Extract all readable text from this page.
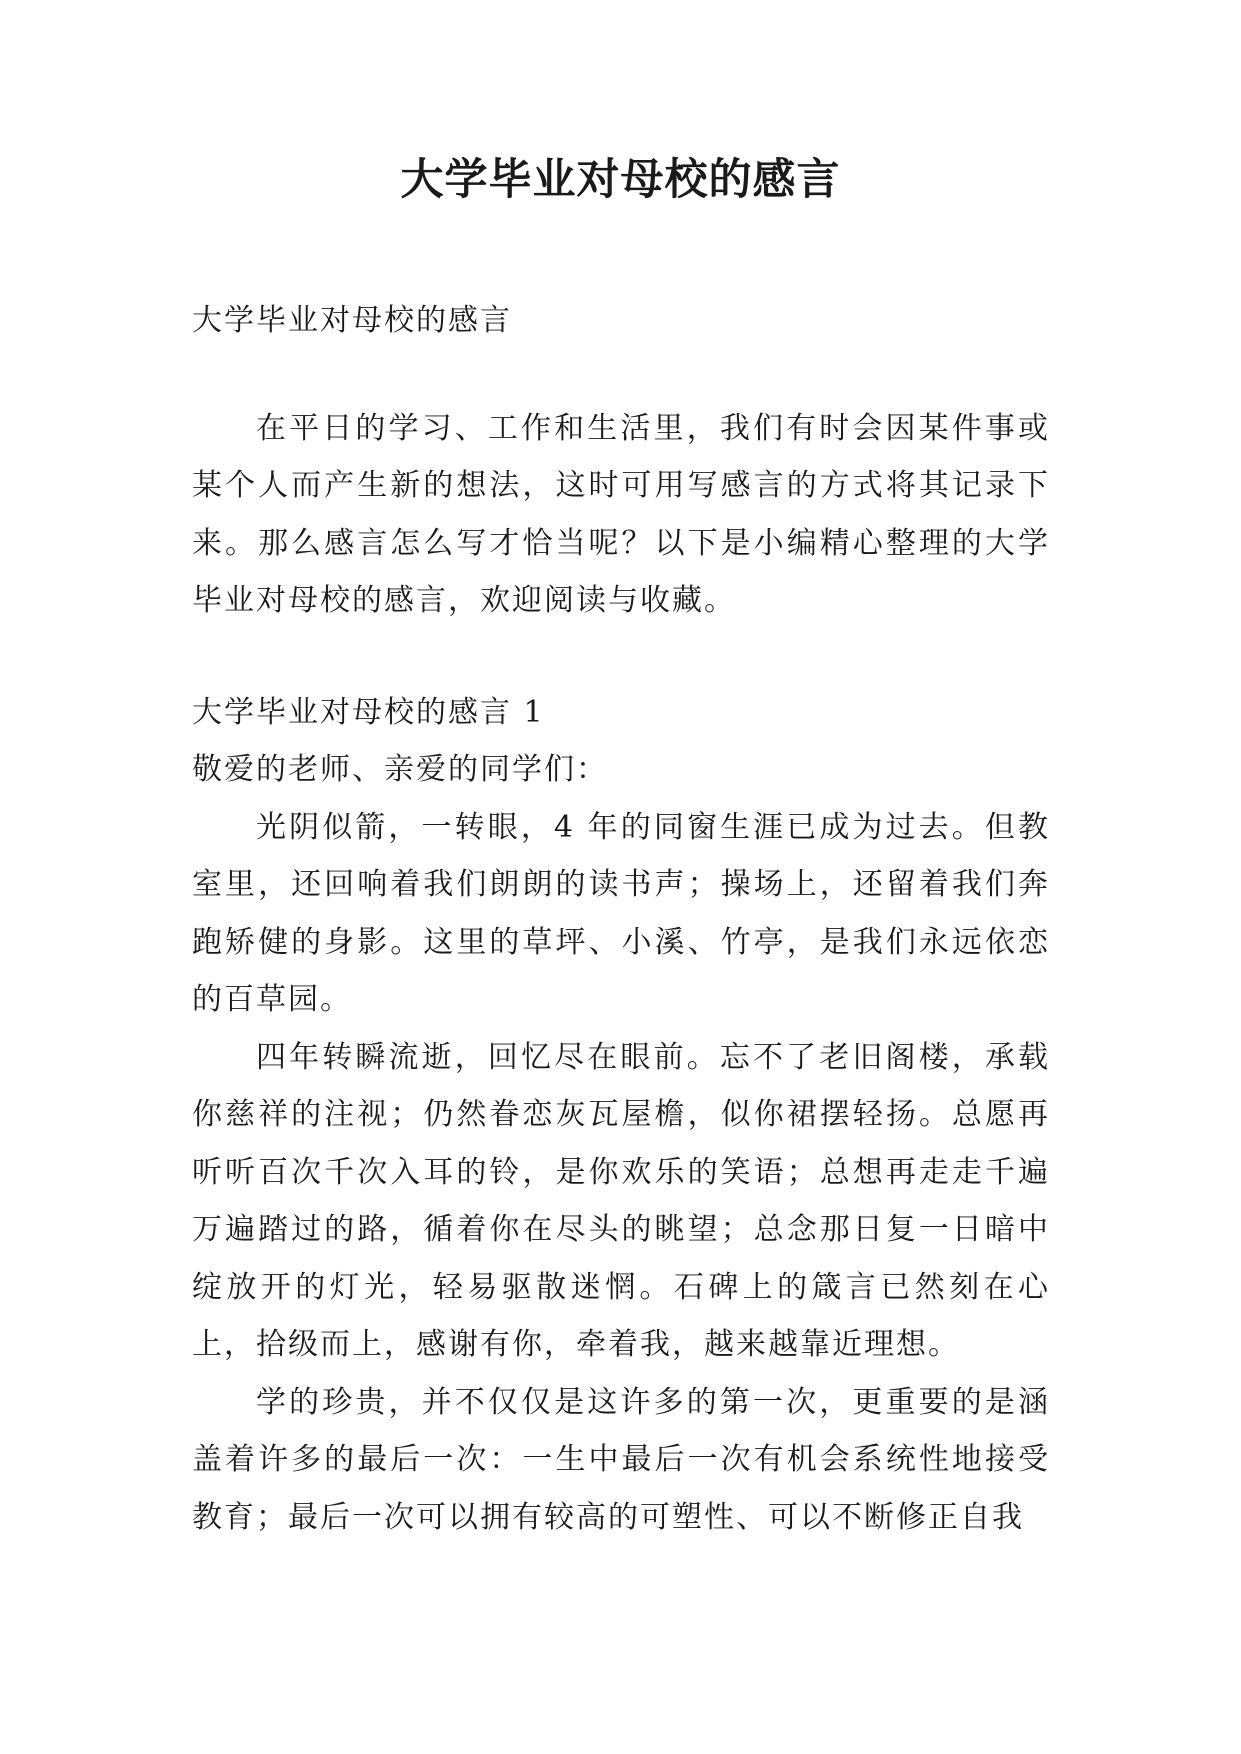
大学毕业对母校的感言

大学毕业对母校的感言

在平日的学习、工作和生活里，我们有时会因某件事或某个人而产生新的想法，这时可用写感言的方式将其记录下来。那么感言怎么写才恰当呢？以下是小编精心整理的大学毕业对母校的感言，欢迎阅读与收藏。

大学毕业对母校的感言 1

敬爱的老师、亲爱的同学们：

光阴似箭，一转眼，4 年的同窗生涯已成为过去。但教室里，还回响着我们朗朗的读书声；操场上，还留着我们奔跑矫健的身影。这里的草坪、小溪、竹亭，是我们永远依恋的百草园。

四年转瞬流逝，回忆尽在眼前。忘不了老旧阁楼，承载你慈祥的注视；仍然眷恋灰瓦屋檐，似你裙摆轻扬。总愿再听听百次千次入耳的铃，是你欢乐的笑语；总想再走走千遍万遍踏过的路，循着你在尽头的眺望；总念那日复一日暗中绽放开的灯光，轻易驱散迷惘。石碑上的箴言已然刻在心上，拾级而上，感谢有你，牵着我，越来越靠近理想。

学的珍贵，并不仅仅是这许多的第一次，更重要的是涵盖着许多的最后一次：一生中最后一次有机会系统性地接受教育；最后一次可以拥有较高的可塑性、可以不断修正自我
